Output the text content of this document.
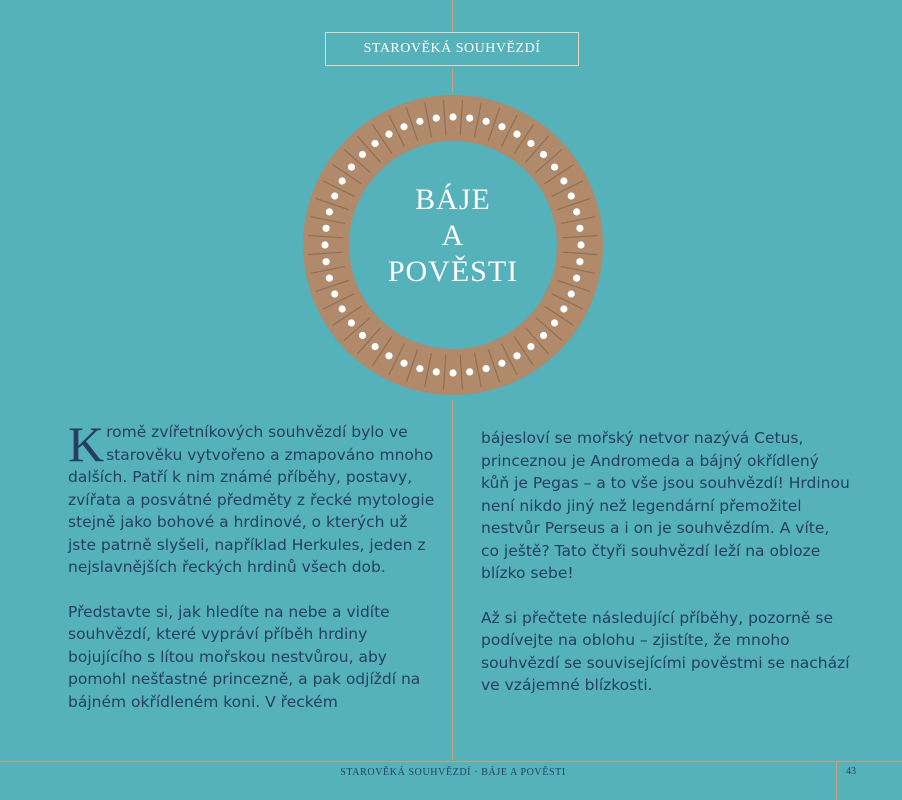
STAROVĚKÁ SOUHVĚZDÍ
BÁJE
A
POVĚSTI

K romě zvířetníkových souhvězdí bylo ve starověku vytvořeno a zmapováno mnoho dalších. Patří k nim známé příběhy, postavy, zvířata a posvátné předměty z řecké mytologie stejně jako bohové a hrdinové, o kterých už jste patrně slyšeli, například Herkules, jeden z nejslavnějších řeckých hrdinů všech dob.

Představte si, jak hledíte na nebe a vidíte souhvězdí, které vypráví příběh hrdiny bojujícího s lítou mořskou nestvůrou, aby pomohl nešťastné princezně, a pak odjíždí na bájném okřídleném koni. V řeckém

bájesloví se mořský netvor nazývá Cetus, princeznou je Andromeda a bájný okřídlený kůň je Pegas – a to vše jsou souhvězdí! Hrdinou není nikdo jiný než legendární přemožitel nestvůr Perseus a i on je souhvězdím. A víte, co ještě? Tato čtyři souhvězdí leží na obloze blízko sebe!

Až si přečtete následující příběhy, pozorně se podívejte na oblohu – zjistíte, že mnoho souhvězdí se souvisejícími pověstmi se nachází ve vzájemné blízkosti.

STAROVĚKÁ SOUHVĚZDÍ · BÁJE A POVĚSTI	43
